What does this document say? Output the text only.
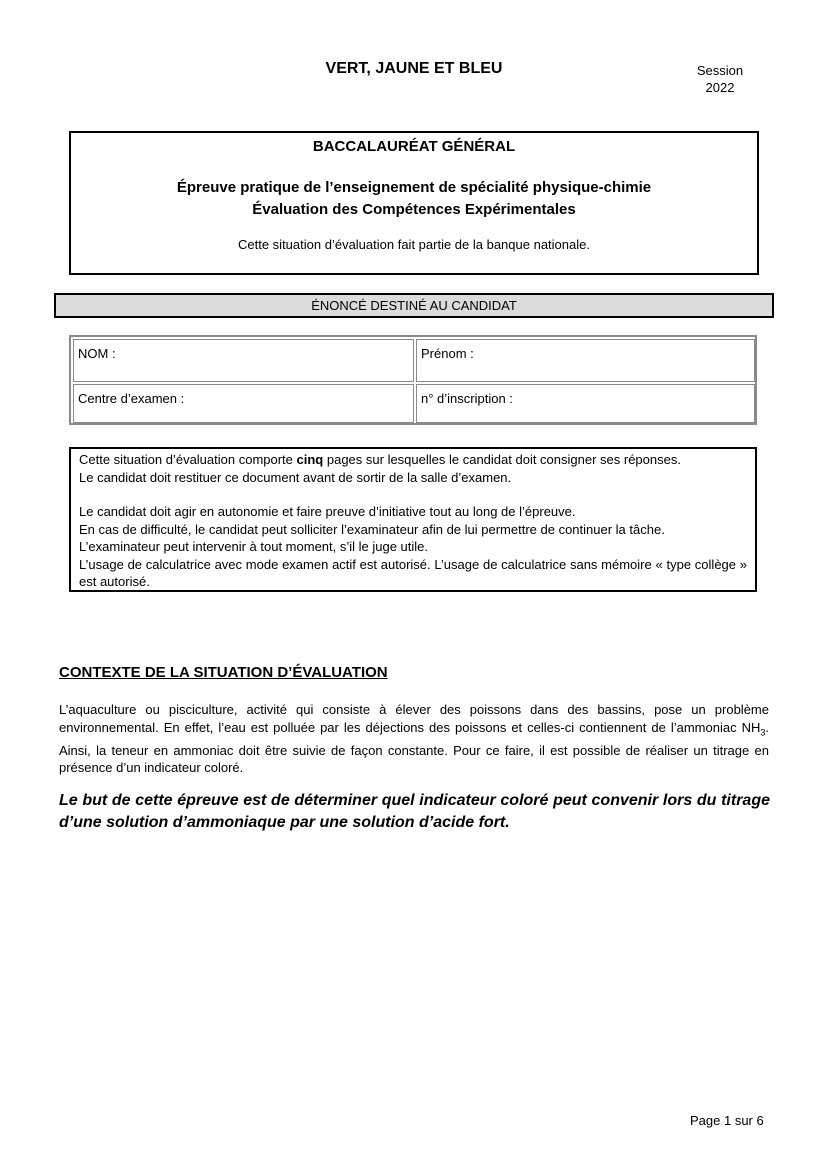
VERT, JAUNE ET BLEU	Session
2022
BACCALAURÉAT GÉNÉRAL
Épreuve pratique de l’enseignement de spécialité physique-chimie
Évaluation des Compétences Expérimentales
Cette situation d’évaluation fait partie de la banque nationale.
ÉNONCÉ DESTINÉ AU CANDIDAT
NOM :	Prénom :
Centre d’examen :	n° d’inscription :

Cette situation d’évaluation comporte cinq pages sur lesquelles le candidat doit consigner ses réponses.

Le candidat doit restituer ce document avant de sortir de la salle d’examen.

Le candidat doit agir en autonomie et faire preuve d’initiative tout au long de l’épreuve.

En cas de difficulté, le candidat peut solliciter l’examinateur afin de lui permettre de continuer la tâche.

L’examinateur peut intervenir à tout moment, s’il le juge utile.

L’usage de calculatrice avec mode examen actif est autorisé. L’usage de calculatrice sans mémoire « type collège » est autorisé.

CONTEXTE DE LA SITUATION D’ÉVALUATION
L’aquaculture ou pisciculture, activité qui consiste à élever des poissons dans des bassins, pose un problème environnemental. En effet, l’eau est polluée par les déjections des poissons et celles-ci contiennent de l’ammoniac $NH_3$. Ainsi, la teneur en ammoniac doit être suivie de façon constante. Pour ce faire, il est possible de réaliser un titrage en présence d’un indicateur coloré.
Le but de cette épreuve est de déterminer quel indicateur coloré peut convenir lors du titrage d’une solution d’ammoniaque par une solution d’acide fort.
Page 1 sur 6
